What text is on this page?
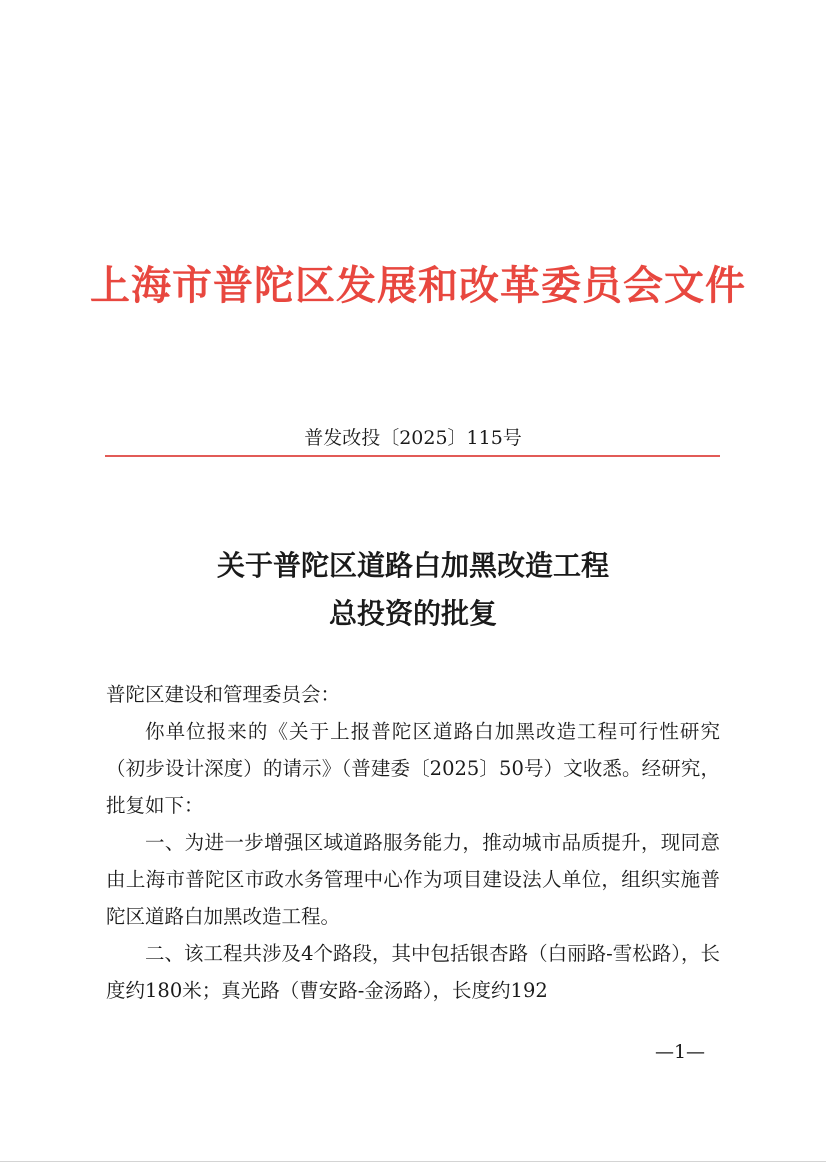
上海市普陀区发展和改革委员会文件
普发改投〔2025〕115号
关于普陀区道路白加黑改造工程
总投资的批复

普陀区建设和管理委员会：

你单位报来的《关于上报普陀区道路白加黑改造工程可行性研究（初步设计深度）的请示》（普建委〔2025〕50号）文收悉。经研究，批复如下：

一、为进一步增强区域道路服务能力，推动城市品质提升，现同意由上海市普陀区市政水务管理中心作为项目建设法人单位，组织实施普陀区道路白加黑改造工程。

二、该工程共涉及4个路段，其中包括银杏路（白丽路-雪松路），长度约180米；真光路（曹安路-金汤路），长度约192

—1—
